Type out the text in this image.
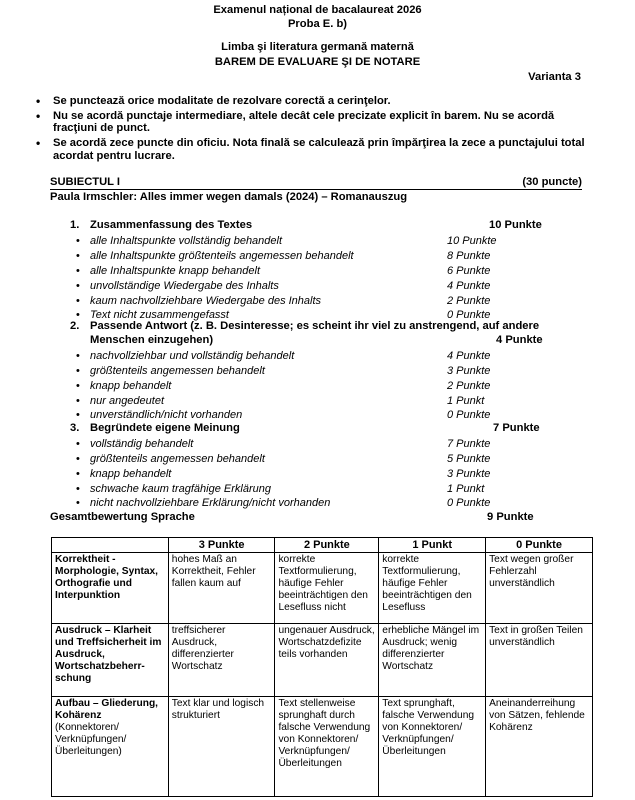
Examenul național de bacalaureat 2026
Proba E. b)
Limba şi literatura germană maternă
BAREM DE EVALUARE ŞI DE NOTARE
Varianta 3
• Se punctează orice modalitate de rezolvare corectă a cerinţelor.
• Nu se acordă punctaje intermediare, altele decât cele precizate explicit în barem. Nu se acordă fracţiuni de punct.
• Se acordă zece puncte din oficiu. Nota finală se calculează prin împărţirea la zece a punctajului total acordat pentru lucrare.
SUBIECTUL I	(30 puncte)
Paula Irmschler: Alles immer wegen damals (2024) – Romanauszug
1. Zusammenfassung des Textes	10 Punkte
• alle Inhaltspunkte vollständig behandelt	10 Punkte
• alle Inhaltspunkte größtenteils angemessen behandelt	8 Punkte
• alle Inhaltspunkte knapp behandelt	6 Punkte
• unvollständige Wiedergabe des Inhalts	4 Punkte
• kaum nachvollziehbare Wiedergabe des Inhalts	2 Punkte
• Text nicht zusammengefasst	0 Punkte
2. Passende Antwort (z. B. Desinteresse; es scheint ihr viel zu anstrengend, auf andere
Menschen einzugehen)	4 Punkte
• nachvollziehbar und vollständig behandelt	4 Punkte
• größtenteils angemessen behandelt	3 Punkte
• knapp behandelt	2 Punkte
• nur angedeutet	1 Punkt
• unverständlich/nicht vorhanden	0 Punkte
3. Begründete eigene Meinung	7 Punkte
• vollständig behandelt	7 Punkte
• größtenteils angemessen behandelt	5 Punkte
• knapp behandelt	3 Punkte
• schwache kaum tragfähige Erklärung	1 Punkt
• nicht nachvollziehbare Erklärung/nicht vorhanden	0 Punkte
Gesamtbewertung Sprache	9 Punkte
	3 Punkte	2 Punkte	1 Punkt	0 Punkte
Korrektheit - Morphologie, Syntax, Orthografie und Interpunktion	hohes Maß an Korrektheit, Fehler fallen kaum auf	korrekte Textformulierung, häufige Fehler beeinträchtigen den Lesefluss nicht	korrekte Textformulierung, häufige Fehler beeinträchtigen den Lesefluss	Text wegen großer Fehlerzahl unverständlich
Ausdruck – Klarheit und Treffsicherheit im Ausdruck, Wortschatzbeherr-schung	treffsicherer Ausdruck, differenzierter Wortschatz	ungenauer Ausdruck, Wortschatzdefizite teils vorhanden	erhebliche Mängel im Ausdruck; wenig differenzierter Wortschatz	Text in großen Teilen unverständlich
Aufbau – Gliederung, Kohärenz
(Konnektoren/ Verknüpfungen/ Überleitungen)	Text klar und logisch strukturiert	Text stellenweise sprunghaft durch falsche Verwendung von Konnektoren/ Verknüpfungen/ Überleitungen	Text sprunghaft, falsche Verwendung von Konnektoren/ Verknüpfungen/ Überleitungen	Aneinanderreihung von Sätzen, fehlende Kohärenz
